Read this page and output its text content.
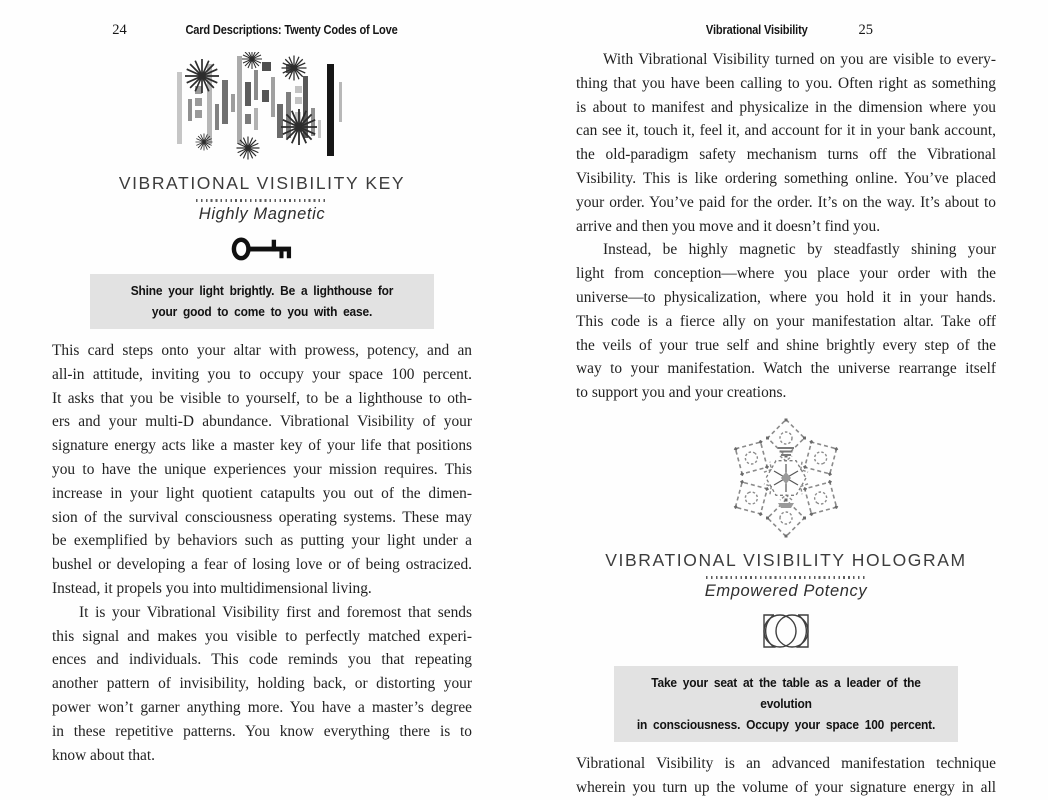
24	Card Descriptions: Twenty Codes of Love
VIBRATIONAL VISIBILITY KEY
Highly Magnetic
Shine your light brightly. Be a lighthouse for
your good to come to you with ease.
This card steps onto your altar with prowess, potency, and an
all-in attitude, inviting you to occupy your space 100 percent.
It asks that you be visible to yourself, to be a lighthouse to oth-
ers and your multi-D abundance. Vibrational Visibility of your
signature energy acts like a master key of your life that positions
you to have the unique experiences your mission requires. This
increase in your light quotient catapults you out of the dimen-
sion of the survival consciousness operating systems. These may
be exemplified by behaviors such as putting your light under a
bushel or developing a fear of losing love or of being ostracized.
Instead, it propels you into multidimensional living.
It is your Vibrational Visibility first and foremost that sends
this signal and makes you visible to perfectly matched experi-
ences and individuals. This code reminds you that repeating
another pattern of invisibility, holding back, or distorting your
power won’t garner anything more. You have a master’s degree
in these repetitive patterns. You know everything there is to
know about that.
Vibrational Visibility	25
With Vibrational Visibility turned on you are visible to every-
thing that you have been calling to you. Often right as something
is about to manifest and physicalize in the dimension where you
can see it, touch it, feel it, and account for it in your bank account,
the old-paradigm safety mechanism turns off the Vibrational
Visibility. This is like ordering something online. You’ve placed
your order. You’ve paid for the order. It’s on the way. It’s about to
arrive and then you move and it doesn’t find you.
Instead, be highly magnetic by steadfastly shining your
light from conception—where you place your order with the
universe—to physicalization, where you hold it in your hands.
This code is a fierce ally on your manifestation altar. Take off
the veils of your true self and shine brightly every step of the
way to your manifestation. Watch the universe rearrange itself
to support you and your creations.
VIBRATIONAL VISIBILITY HOLOGRAM
Empowered Potency
Take your seat at the table as a leader of the evolution
in consciousness. Occupy your space 100 percent.
Vibrational Visibility is an advanced manifestation technique
wherein you turn up the volume of your signature energy in all
